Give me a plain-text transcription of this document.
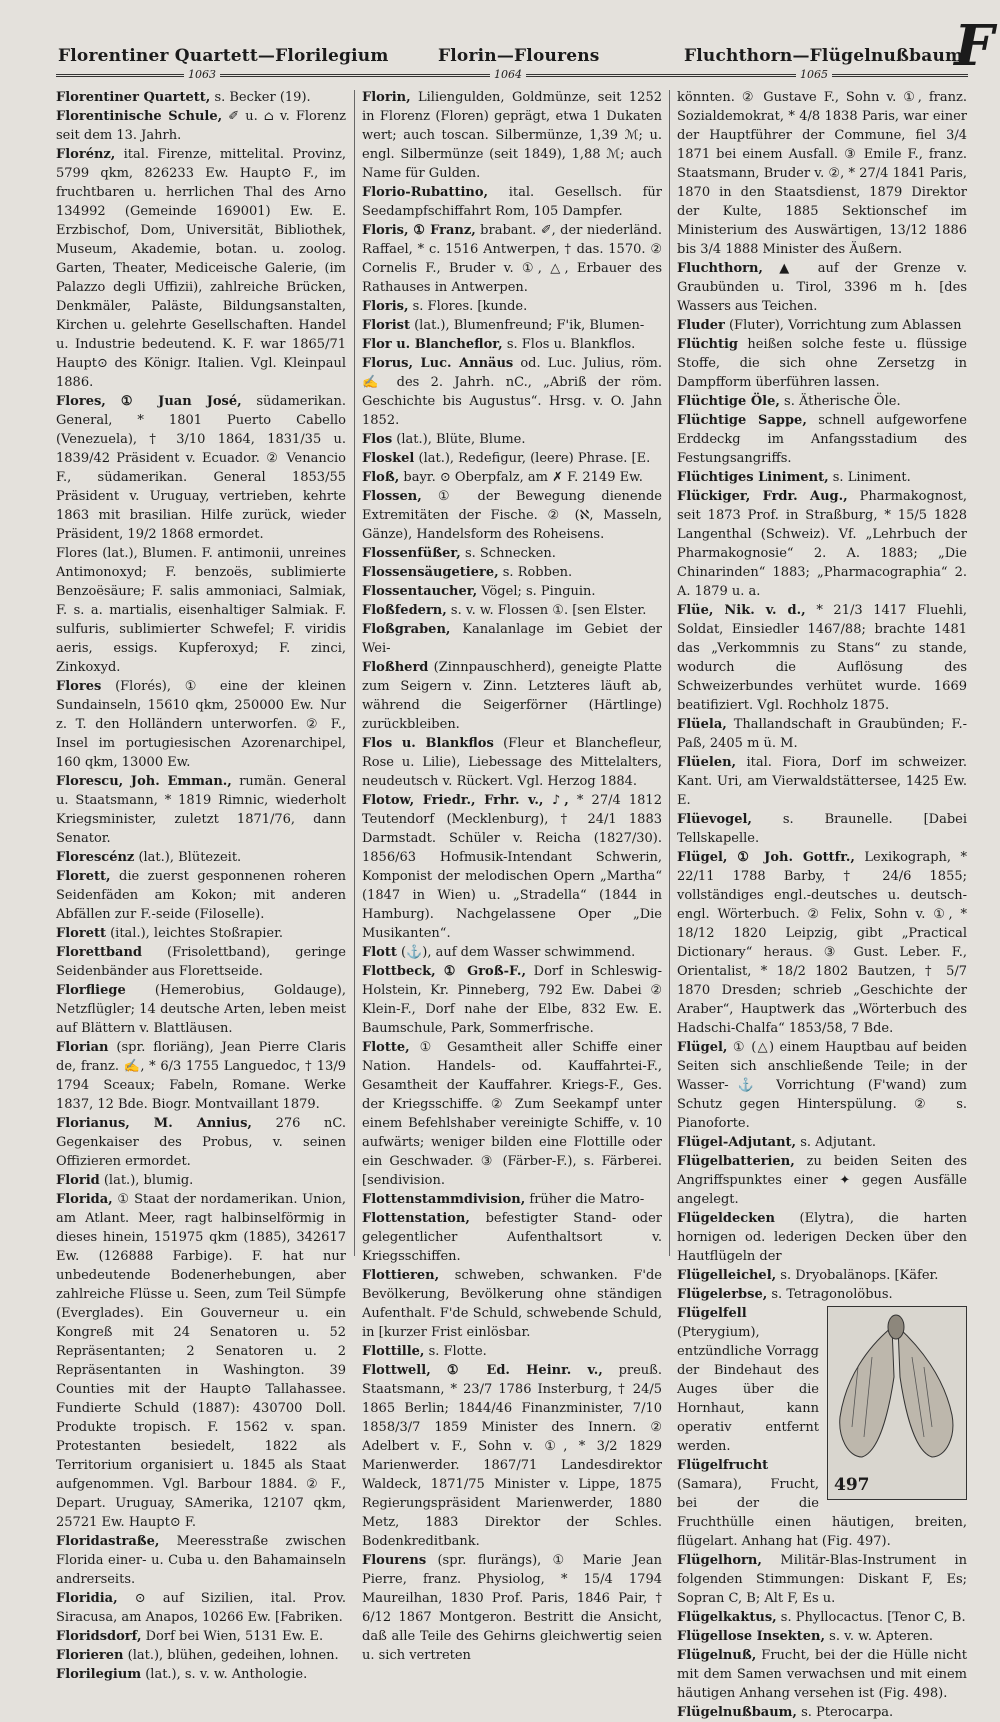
Florentiner Quartett—Florilegium	Florin—Flourens	Fluchthorn—Flügelnußbaum
F
1063	1064	1065

Florentiner Quartett, s. Becker (19).

Florentinische Schule, ✐ u. ⌂ v. Florenz seit dem 13. Jahrh.

Florénz, ital. Firenze, mittelital. Provinz, 5799 qkm, 826233 Ew. Haupt⊙ F., im fruchtbaren u. herrlichen Thal des Arno 134992 (Gemeinde 169001) Ew. E. Erzbischof, Dom, Universität, Bibliothek, Museum, Akademie, botan. u. zoolog. Garten, Theater, Mediceische Galerie, (im Palazzo degli Uffizii), zahlreiche Brücken, Denkmäler, Paläste, Bildungsanstalten, Kirchen u. gelehrte Gesellschaften. Handel u. Industrie bedeutend. K. F. war 1865/71 Haupt⊙ des Königr. Italien. Vgl. Kleinpaul 1886.

Flores, ① Juan José, südamerikan. General, * 1801 Puerto Cabello (Venezuela), † 3/10 1864, 1831/35 u. 1839/42 Präsident v. Ecuador. ② Venancio F., südamerikan. General 1853/55 Präsident v. Uruguay, vertrieben, kehrte 1863 mit brasilian. Hilfe zurück, wieder Präsident, 19/2 1868 ermordet.

Flores (lat.), Blumen. F. antimonii, unreines Antimonoxyd; F. benzoës, sublimierte Benzoësäure; F. salis ammoniaci, Salmiak, F. s. a. martialis, eisenhaltiger Salmiak. F. sulfuris, sublimierter Schwefel; F. viridis aeris, essigs. Kupferoxyd; F. zinci, Zinkoxyd.

Flores (Florés), ① eine der kleinen Sundainseln, 15610 qkm, 250000 Ew. Nur z. T. den Holländern unterworfen. ② F., Insel im portugiesischen Azorenarchipel, 160 qkm, 13000 Ew.

Florescu, Joh. Emman., rumän. General u. Staatsmann, * 1819 Rimnic, wiederholt Kriegsminister, zuletzt 1871/76, dann Senator.

Florescénz (lat.), Blütezeit.

Florett, die zuerst gesponnenen roheren Seidenfäden am Kokon; mit anderen Abfällen zur F.-seide (Filoselle).

Florett (ital.), leichtes Stoßrapier.

Florettband (Frisolettband), geringe Seidenbänder aus Florettseide.

Florfliege (Hemerobius, Goldauge), Netzflügler; 14 deutsche Arten, leben meist auf Blättern v. Blattläusen.

Florian (spr. floriäng), Jean Pierre Claris de, franz. ✍, * 6/3 1755 Languedoc, † 13/9 1794 Sceaux; Fabeln, Romane. Werke 1837, 12 Bde. Biogr. Montvaillant 1879.

Florianus, M. Annius, 276 nC. Gegenkaiser des Probus, v. seinen Offizieren ermordet.

Florid (lat.), blumig.

Florida, ① Staat der nordamerikan. Union, am Atlant. Meer, ragt halbinselförmig in dieses hinein, 151975 qkm (1885), 342617 Ew. (126888 Farbige). F. hat nur unbedeutende Bodenerhebungen, aber zahlreiche Flüsse u. Seen, zum Teil Sümpfe (Everglades). Ein Gouverneur u. ein Kongreß mit 24 Senatoren u. 52 Repräsentanten; 2 Senatoren u. 2 Repräsentanten in Washington. 39 Counties mit der Haupt⊙ Tallahassee. Fundierte Schuld (1887): 430700 Doll. Produkte tropisch. F. 1562 v. span. Protestanten besiedelt, 1822 als Territorium organisiert u. 1845 als Staat aufgenommen. Vgl. Barbour 1884. ② F., Depart. Uruguay, SAmerika, 12107 qkm, 25721 Ew. Haupt⊙ F.

Floridastraße, Meeresstraße zwischen Florida einer- u. Cuba u. den Bahamainseln andrerseits.

Floridia, ⊙ auf Sizilien, ital. Prov. Siracusa, am Anapos, 10266 Ew. [Fabriken.

Floridsdorf, Dorf bei Wien, 5131 Ew. E.

Florieren (lat.), blühen, gedeihen, lohnen.

Florilegium (lat.), s. v. w. Anthologie.

Florin, Liliengulden, Goldmünze, seit 1252 in Florenz (Floren) geprägt, etwa 1 Dukaten wert; auch toscan. Silbermünze, 1,39 ℳ; u. engl. Silbermünze (seit 1849), 1,88 ℳ; auch Name für Gulden.

Florio-Rubattino, ital. Gesellsch. für Seedampfschiffahrt Rom, 105 Dampfer.

Floris, ① Franz, brabant. ✐, der niederländ. Raffael, * c. 1516 Antwerpen, † das. 1570. ② Cornelis F., Bruder v. ①, △, Erbauer des Rathauses in Antwerpen.

Floris, s. Flores. [kunde.

Florist (lat.), Blumenfreund; F'ik, Blumen-

Flor u. Blancheflor, s. Flos u. Blankflos.

Florus, Luc. Annäus od. Luc. Julius, röm. ✍ des 2. Jahrh. nC., „Abriß der röm. Geschichte bis Augustus“. Hrsg. v. O. Jahn 1852.

Flos (lat.), Blüte, Blume.

Floskel (lat.), Redefigur, (leere) Phrase. [E.

Floß, bayr. ⊙ Oberpfalz, am ✗ F. 2149 Ew.

Flossen, ① der Bewegung dienende Extremitäten der Fische. ② (ℵ, Masseln, Gänze), Handelsform des Roheisens.

Flossenfüßer, s. Schnecken.

Flossensäugetiere, s. Robben.

Flossentaucher, Vögel; s. Pinguin.

Floßfedern, s. v. w. Flossen ①. [sen Elster.

Floßgraben, Kanalanlage im Gebiet der Wei-

Floßherd (Zinnpauschherd), geneigte Platte zum Seigern v. Zinn. Letzteres läuft ab, während die Seigerförner (Härtlinge) zurückbleiben.

Flos u. Blankflos (Fleur et Blanchefleur, Rose u. Lilie), Liebessage des Mittelalters, neudeutsch v. Rückert. Vgl. Herzog 1884.

Flotow, Friedr., Frhr. v., ♪, * 27/4 1812 Teutendorf (Mecklenburg), † 24/1 1883 Darmstadt. Schüler v. Reicha (1827/30). 1856/63 Hofmusik-Intendant Schwerin, Komponist der melodischen Opern „Martha“ (1847 in Wien) u. „Stradella“ (1844 in Hamburg). Nachgelassene Oper „Die Musikanten“.

Flott (⚓), auf dem Wasser schwimmend.

Flottbeck, ① Groß-F., Dorf in Schleswig-Holstein, Kr. Pinneberg, 792 Ew. Dabei ② Klein-F., Dorf nahe der Elbe, 832 Ew. E. Baumschule, Park, Sommerfrische.

Flotte, ① Gesamtheit aller Schiffe einer Nation. Handels- od. Kauffahrtei-F., Gesamtheit der Kauffahrer. Kriegs-F., Ges. der Kriegsschiffe. ② Zum Seekampf unter einem Befehlshaber vereinigte Schiffe, v. 10 aufwärts; weniger bilden eine Flottille oder ein Geschwader. ③ (Färber-F.), s. Färberei. [sendivision.

Flottenstammdivision, früher die Matro-

Flottenstation, befestigter Stand- oder gelegentlicher Aufenthaltsort v. Kriegsschiffen.

Flottieren, schweben, schwanken. F'de Bevölkerung, Bevölkerung ohne ständigen Aufenthalt. F'de Schuld, schwebende Schuld, in [kurzer Frist einlösbar.

Flottille, s. Flotte.

Flottwell, ① Ed. Heinr. v., preuß. Staatsmann, * 23/7 1786 Insterburg, † 24/5 1865 Berlin; 1844/46 Finanzminister, 7/10 1858/3/7 1859 Minister des Innern. ② Adelbert v. F., Sohn v. ①, * 3/2 1829 Marienwerder. 1867/71 Landesdirektor Waldeck, 1871/75 Minister v. Lippe, 1875 Regierungspräsident Marienwerder, 1880 Metz, 1883 Direktor der Schles. Bodenkreditbank.

Flourens (spr. flurängs), ① Marie Jean Pierre, franz. Physiolog, * 15/4 1794 Maureilhan, 1830 Prof. Paris, 1846 Pair, † 6/12 1867 Montgeron. Bestritt die Ansicht, daß alle Teile des Gehirns gleichwertig seien u. sich vertreten

könnten. ② Gustave F., Sohn v. ①, franz. Sozialdemokrat, * 4/8 1838 Paris, war einer der Hauptführer der Commune, fiel 3/4 1871 bei einem Ausfall. ③ Emile F., franz. Staatsmann, Bruder v. ②, * 27/4 1841 Paris, 1870 in den Staatsdienst, 1879 Direktor der Kulte, 1885 Sektionschef im Ministerium des Auswärtigen, 13/12 1886 bis 3/4 1888 Minister des Äußern.

Fluchthorn, ▲ auf der Grenze v. Graubünden u. Tirol, 3396 m h. [des Wassers aus Teichen.

Fluder (Fluter), Vorrichtung zum Ablassen

Flüchtig heißen solche feste u. flüssige Stoffe, die sich ohne Zersetzg in Dampfform überführen lassen.

Flüchtige Öle, s. Ätherische Öle.

Flüchtige Sappe, schnell aufgeworfene Erddeckg im Anfangsstadium des Festungsangriffs.

Flüchtiges Liniment, s. Liniment.

Flückiger, Frdr. Aug., Pharmakognost, seit 1873 Prof. in Straßburg, * 15/5 1828 Langenthal (Schweiz). Vf. „Lehrbuch der Pharmakognosie“ 2. A. 1883; „Die Chinarinden“ 1883; „Pharmacographia“ 2. A. 1879 u. a.

Flüe, Nik. v. d., * 21/3 1417 Fluehli, Soldat, Einsiedler 1467/88; brachte 1481 das „Verkommnis zu Stans“ zu stande, wodurch die Auflösung des Schweizerbundes verhütet wurde. 1669 beatifiziert. Vgl. Rochholz 1875.

Flüela, Thallandschaft in Graubünden; F.-Paß, 2405 m ü. M.

Flüelen, ital. Fiora, Dorf im schweizer. Kant. Uri, am Vierwaldstättersee, 1425 Ew. E.

Flüevogel, s. Braunelle. [Dabei Tellskapelle.

Flügel, ① Joh. Gottfr., Lexikograph, * 22/11 1788 Barby, † 24/6 1855; vollständiges engl.-deutsches u. deutsch-engl. Wörterbuch. ② Felix, Sohn v. ①, * 18/12 1820 Leipzig, gibt „Practical Dictionary“ heraus. ③ Gust. Leber. F., Orientalist, * 18/2 1802 Bautzen, † 5/7 1870 Dresden; schrieb „Geschichte der Araber“, Hauptwerk das „Wörterbuch des Hadschi-Chalfa“ 1853/58, 7 Bde.

Flügel, ① (△) einem Hauptbau auf beiden Seiten sich anschließende Teile; in der Wasser-⚓ Vorrichtung (F'wand) zum Schutz gegen Hinterspülung. ② s. Pianoforte.

Flügel-Adjutant, s. Adjutant.

Flügelbatterien, zu beiden Seiten des Angriffspunktes einer ✦ gegen Ausfälle angelegt.

Flügeldecken (Elytra), die harten hornigen od. lederigen Decken über den Hautflügeln der

Flügelleichel, s. Dryobalänops. [Käfer.

Flügelerbse, s. Tetragonolöbus.

497

Flügelfell (Pterygium), entzündliche Vorragg der Bindehaut des Auges über die Hornhaut, kann operativ entfernt werden.

Flügelfrucht (Samara), Frucht, bei der die Fruchthülle einen häutigen, breiten, flügelart. Anhang hat (Fig. 497).

Flügelhorn, Militär-Blas-Instrument in folgenden Stimmungen: Diskant F, Es; Sopran C, B; Alt F, Es u.

Flügelkaktus, s. Phyllocactus. [Tenor C, B.

Flügellose Insekten, s. v. w. Apteren.

Flügelnuß, Frucht, bei der die Hülle nicht mit dem Samen verwachsen und mit einem häutigen Anhang versehen ist (Fig. 498).

Flügelnußbaum, s. Pterocarpa.
